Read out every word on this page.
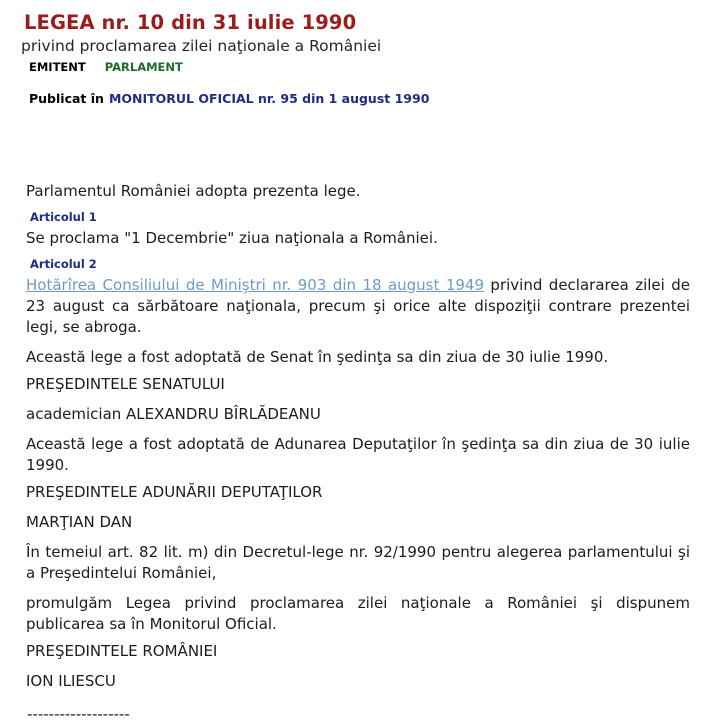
LEGEA nr. 10 din 31 iulie 1990
privind proclamarea zilei naţionale a României
EMITENT PARLAMENT
Publicat în MONITORUL OFICIAL nr. 95 din 1 august 1990

Parlamentul României adopta prezenta lege.

Articolul 1

Se proclama "1 Decembrie" ziua naţionala a României.

Articolul 2

Hotărîrea Consiliului de Miniştri nr. 903 din 18 august 1949 privind declararea zilei de 23 august ca sărbătoare naţionala, precum şi orice alte dispoziţii contrare prezentei legi, se abroga.

Această lege a fost adoptată de Senat în şedinţa sa din ziua de 30 iulie 1990.

PREŞEDINTELE SENATULUI
academician ALEXANDRU BÎRLĂDEANU

Această lege a fost adoptată de Adunarea Deputaţilor în şedinţa sa din ziua de 30 iulie 1990.

PREŞEDINTELE ADUNĂRII DEPUTAŢILOR
MARŢIAN DAN

În temeiul art. 82 lit. m) din Decretul-lege nr. 92/1990 pentru alegerea parlamentului şi a Preşedintelui României,

promulgăm Legea privind proclamarea zilei naţionale a României şi dispunem publicarea sa în Monitorul Oficial.

PREŞEDINTELE ROMÂNIEI
ION ILIESCU
-------------------
